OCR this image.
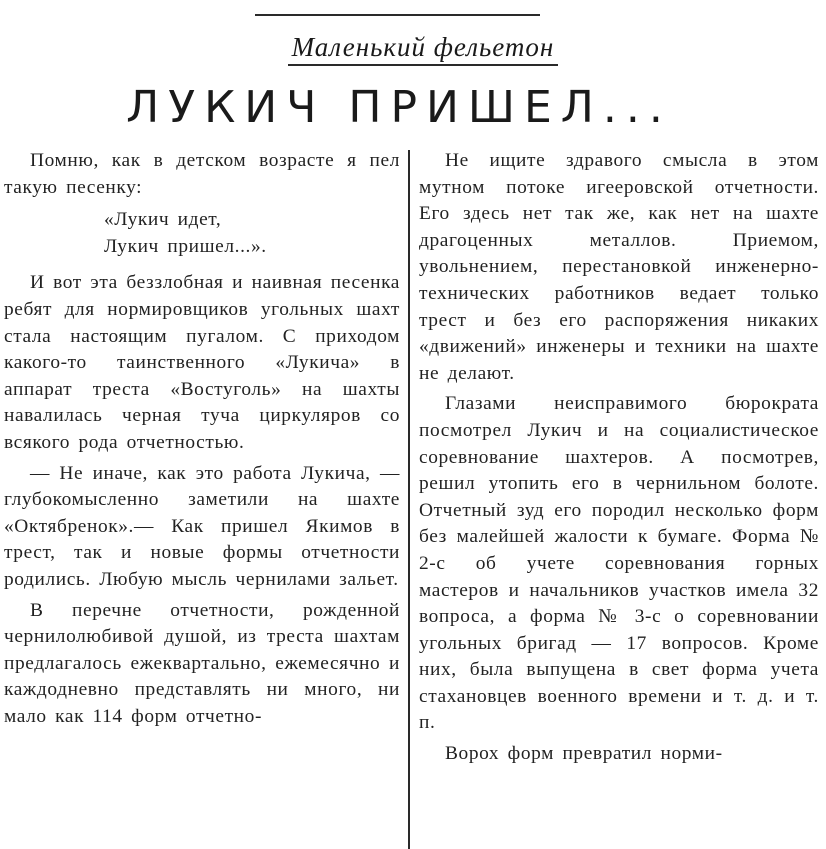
Маленький фельетон
ЛУКИЧ ПРИШЕЛ...

Помню, как в детском возрасте я пел такую песенку:

«Лукич идет,

Лукич пришел...».

И вот эта беззлобная и наивная песенка ребят для нормировщиков угольных шахт стала настоящим пугалом. С приходом какого-то таинственного «Лукича» в аппарат треста «Востуголь» на шахты навалилась черная туча циркуляров со всякого рода отчетностью.

— Не иначе, как это работа Лукича, — глубокомысленно заметили на шахте «Октябренок».— Как пришел Якимов в трест, так и новые формы отчетности родились. Любую мысль чернилами зальет.

В перечне отчетности, рожденной чернилолюбивой душой, из треста шахтам предлагалось ежеквартально, ежемесячно и каждодневно представлять ни много, ни мало как 114 форм отчетно-

Не ищите здравого смысла в этом мутном потоке игееровской отчетности. Его здесь нет так же, как нет на шахте драгоценных металлов. Приемом, увольнением, перестановкой инженерно-технических работников ведает только трест и без его распоряжения никаких «движений» инженеры и техники на шахте не делают.

Глазами неисправимого бюрократа посмотрел Лукич и на социалистическое соревнование шахтеров. А посмотрев, решил утопить его в чернильном болоте. Отчетный зуд его породил несколько форм без малейшей жалости к бумаге. Форма № 2-с об учете соревнования горных мастеров и начальников участков имела 32 вопроса, а форма № 3-с о соревновании угольных бригад — 17 вопросов. Кроме них, была выпущена в свет форма учета стахановцев военного времени и т. д. и т. п.

Ворох форм превратил норми-
